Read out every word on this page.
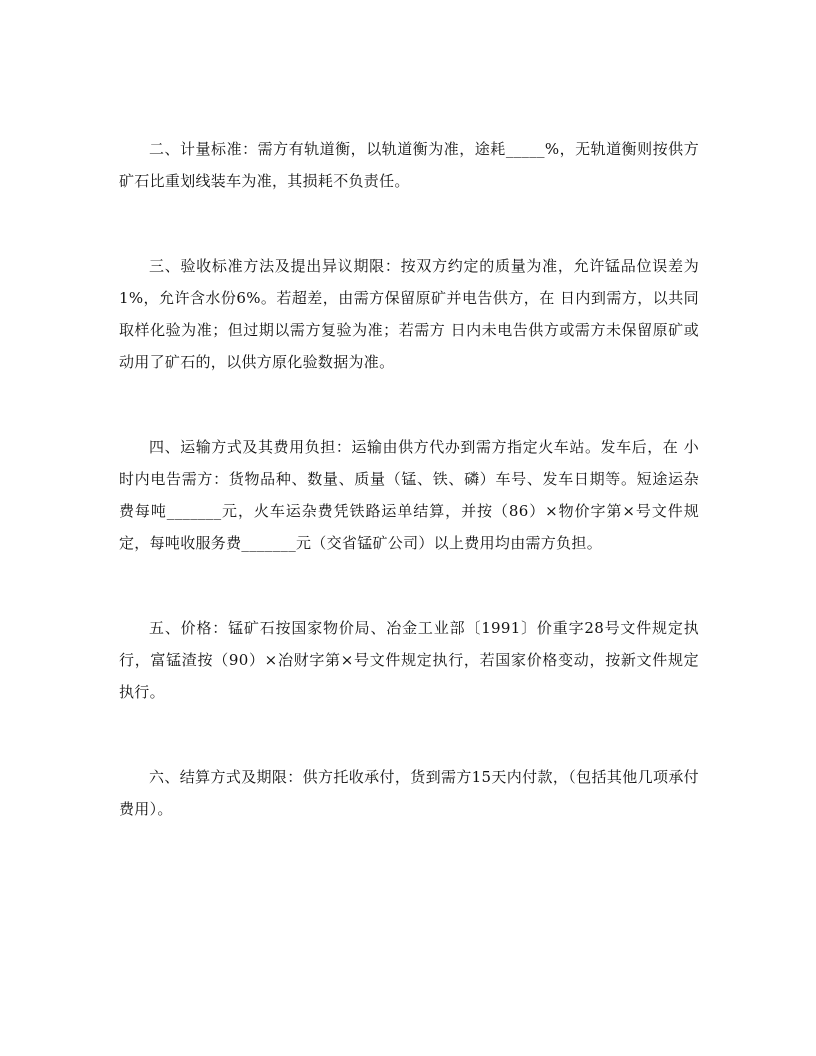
二、计量标准：需方有轨道衡，以轨道衡为准，途耗_____%，无轨道衡则按供方矿石比重划线装车为准，其损耗不负责任。

三、验收标准方法及提出异议期限：按双方约定的质量为准，允许锰品位误差为1%，允许含水份6%。若超差，由需方保留原矿并电告供方，在 日内到需方，以共同取样化验为准；但过期以需方复验为准；若需方 日内未电告供方或需方未保留原矿或动用了矿石的，以供方原化验数据为准。

四、运输方式及其费用负担：运输由供方代办到需方指定火车站。发车后，在 小时内电告需方：货物品种、数量、质量（锰、铁、磷）车号、发车日期等。短途运杂费每吨_______元，火车运杂费凭铁路运单结算，并按（86）×物价字第×号文件规定，每吨收服务费_______元（交省锰矿公司）以上费用均由需方负担。

五、价格：锰矿石按国家物价局、冶金工业部〔1991〕价重字28号文件规定执行，富锰渣按（90）×冶财字第×号文件规定执行，若国家价格变动，按新文件规定执行。

六、结算方式及期限：供方托收承付，货到需方15天内付款，（包括其他几项承付费用）。
